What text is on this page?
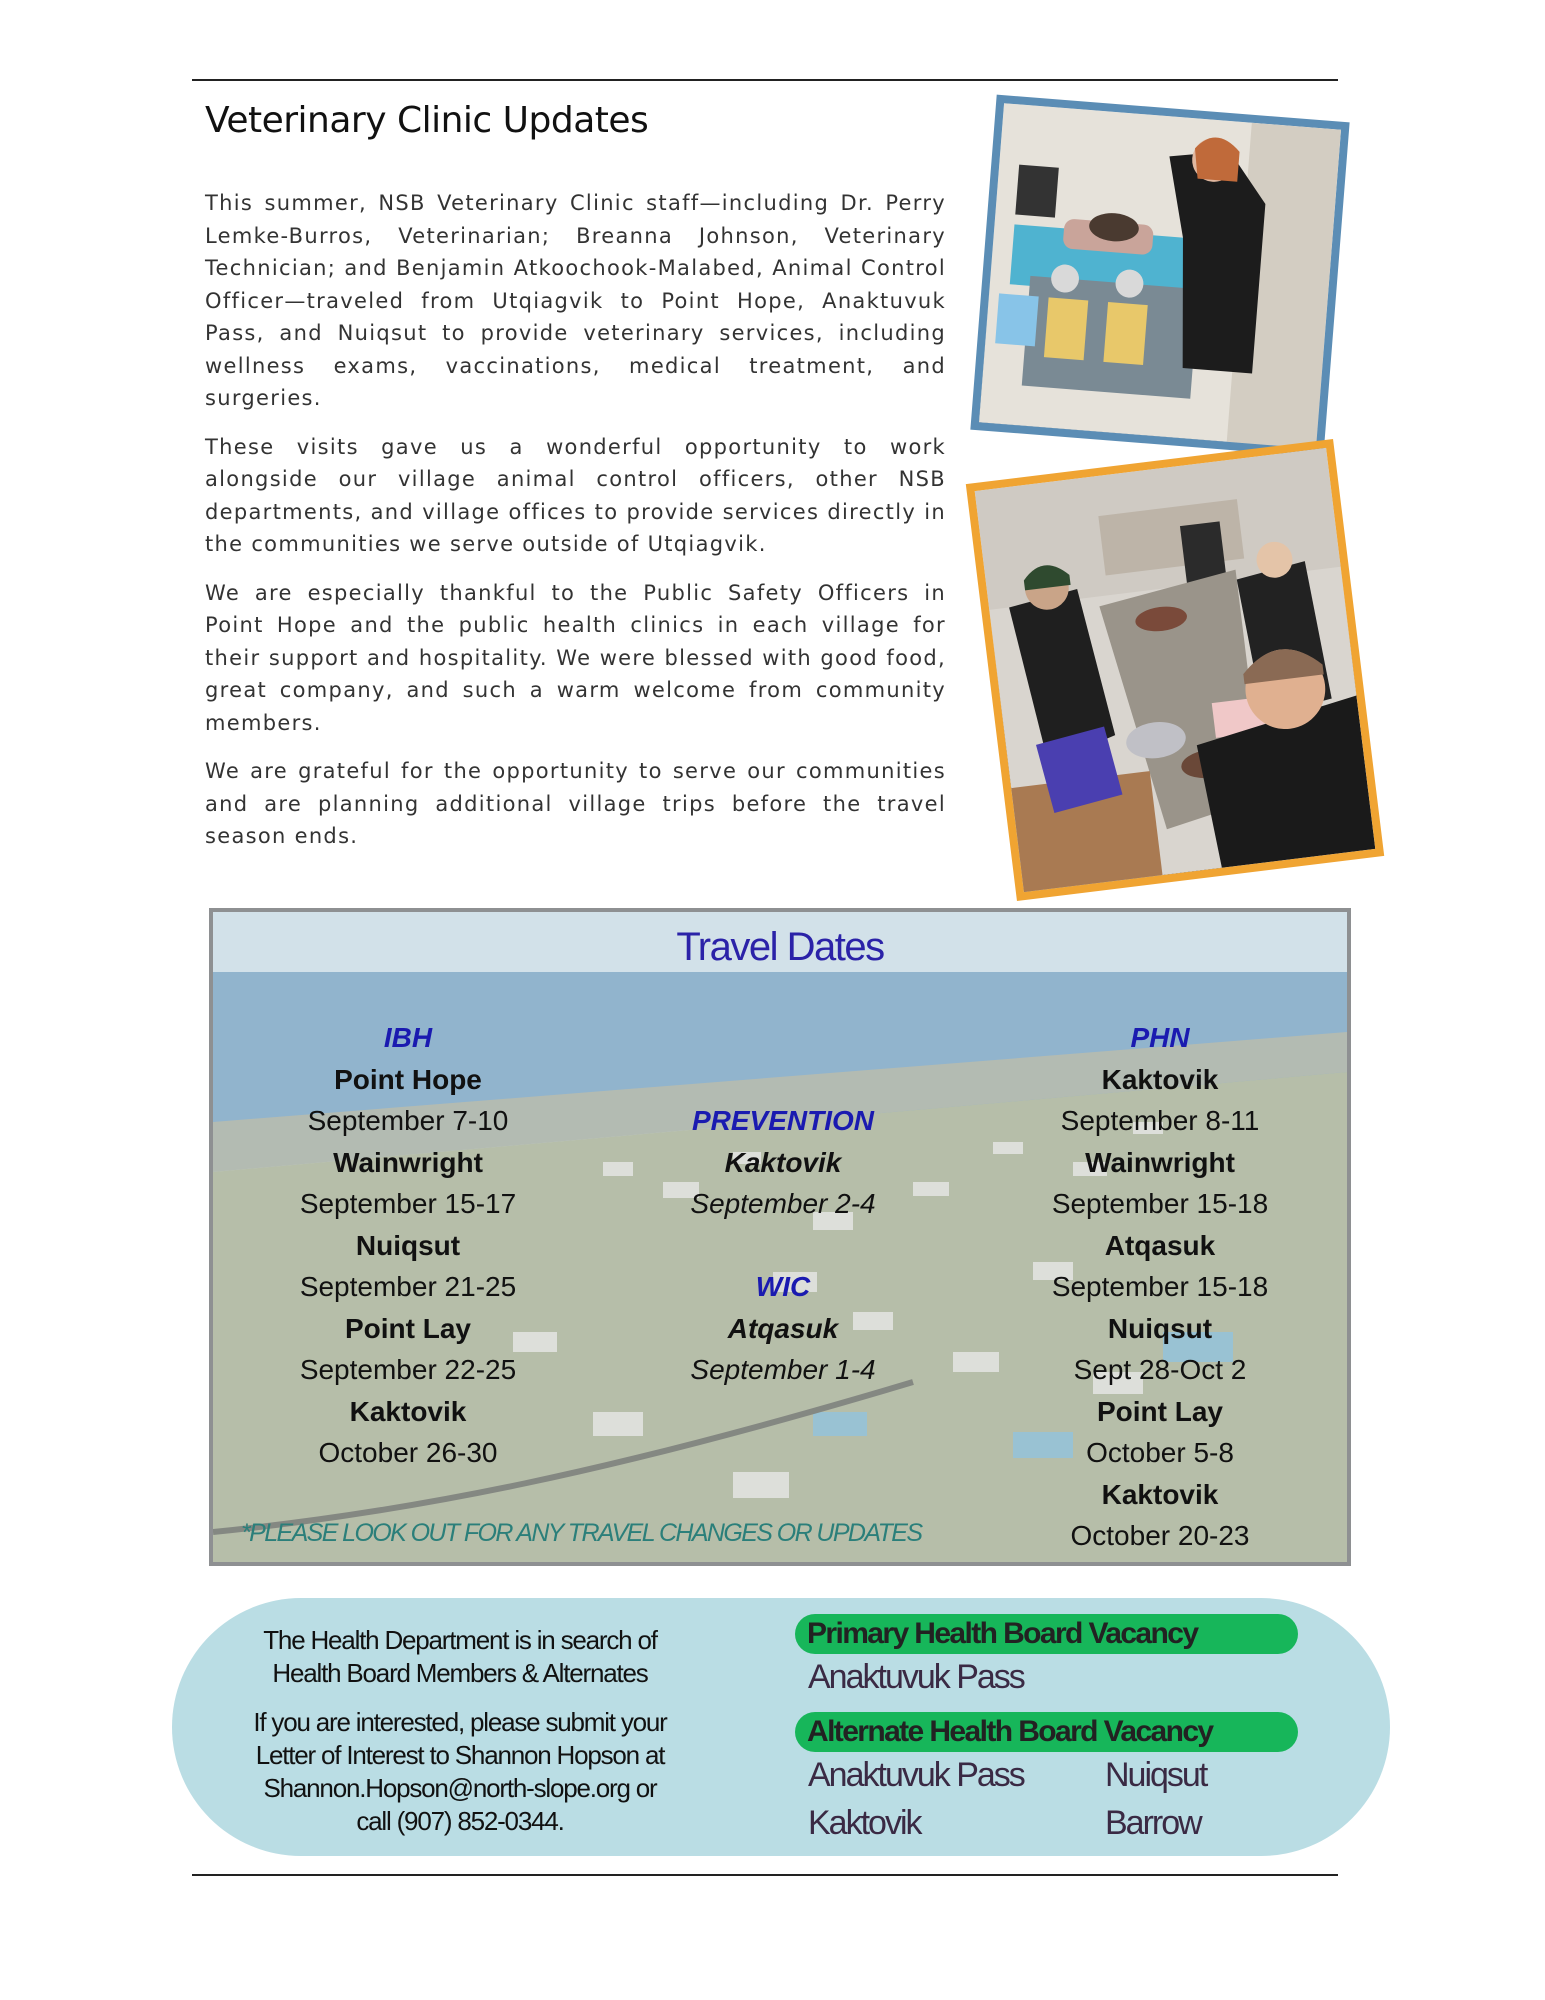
Veterinary Clinic Updates

This summer, NSB Veterinary Clinic staff—including Dr. Perry Lemke-Burros, Veterinarian; Breanna Johnson, Veterinary Technician; and Benjamin Atkoochook-Malabed, Animal Control Officer—traveled from Utqiagvik to Point Hope, Anaktuvuk Pass, and Nuiqsut to provide veterinary services, including wellness exams, vaccinations, medical treatment, and surgeries.

These visits gave us a wonderful opportunity to work alongside our village animal control officers, other NSB departments, and village offices to provide services directly in the communities we serve outside of Utqiagvik.

We are especially thankful to the Public Safety Officers in Point Hope and the public health clinics in each village for their support and hospitality. We were blessed with good food, great company, and such a warm welcome from community members.

We are grateful for the opportunity to serve our communities and are planning additional village trips before the travel season ends.

Travel Dates
IBH
Point Hope
September 7-10
Wainwright
September 15-17
Nuiqsut
September 21-25
Point Lay
September 22-25
Kaktovik
October 26-30
PREVENTION
Kaktovik
September 2-4
WIC
Atqasuk
September 1-4
PHN
Kaktovik
September 8-11
Wainwright
September 15-18
Atqasuk
September 15-18
Nuiqsut
Sept 28-Oct 2
Point Lay
October 5-8
Kaktovik
October 20-23
*PLEASE LOOK OUT FOR ANY TRAVEL CHANGES OR UPDATES

The Health Department is in search of
Health Board Members & Alternates

If you are interested, please submit your
Letter of Interest to Shannon Hopson at
Shannon.Hopson@north-slope.org or
call (907) 852-0344.

Primary Health Board Vacancy
Anaktuvuk Pass
Alternate Health Board Vacancy
Anaktuvuk Pass Nuiqsut
Kaktovik	Barrow
